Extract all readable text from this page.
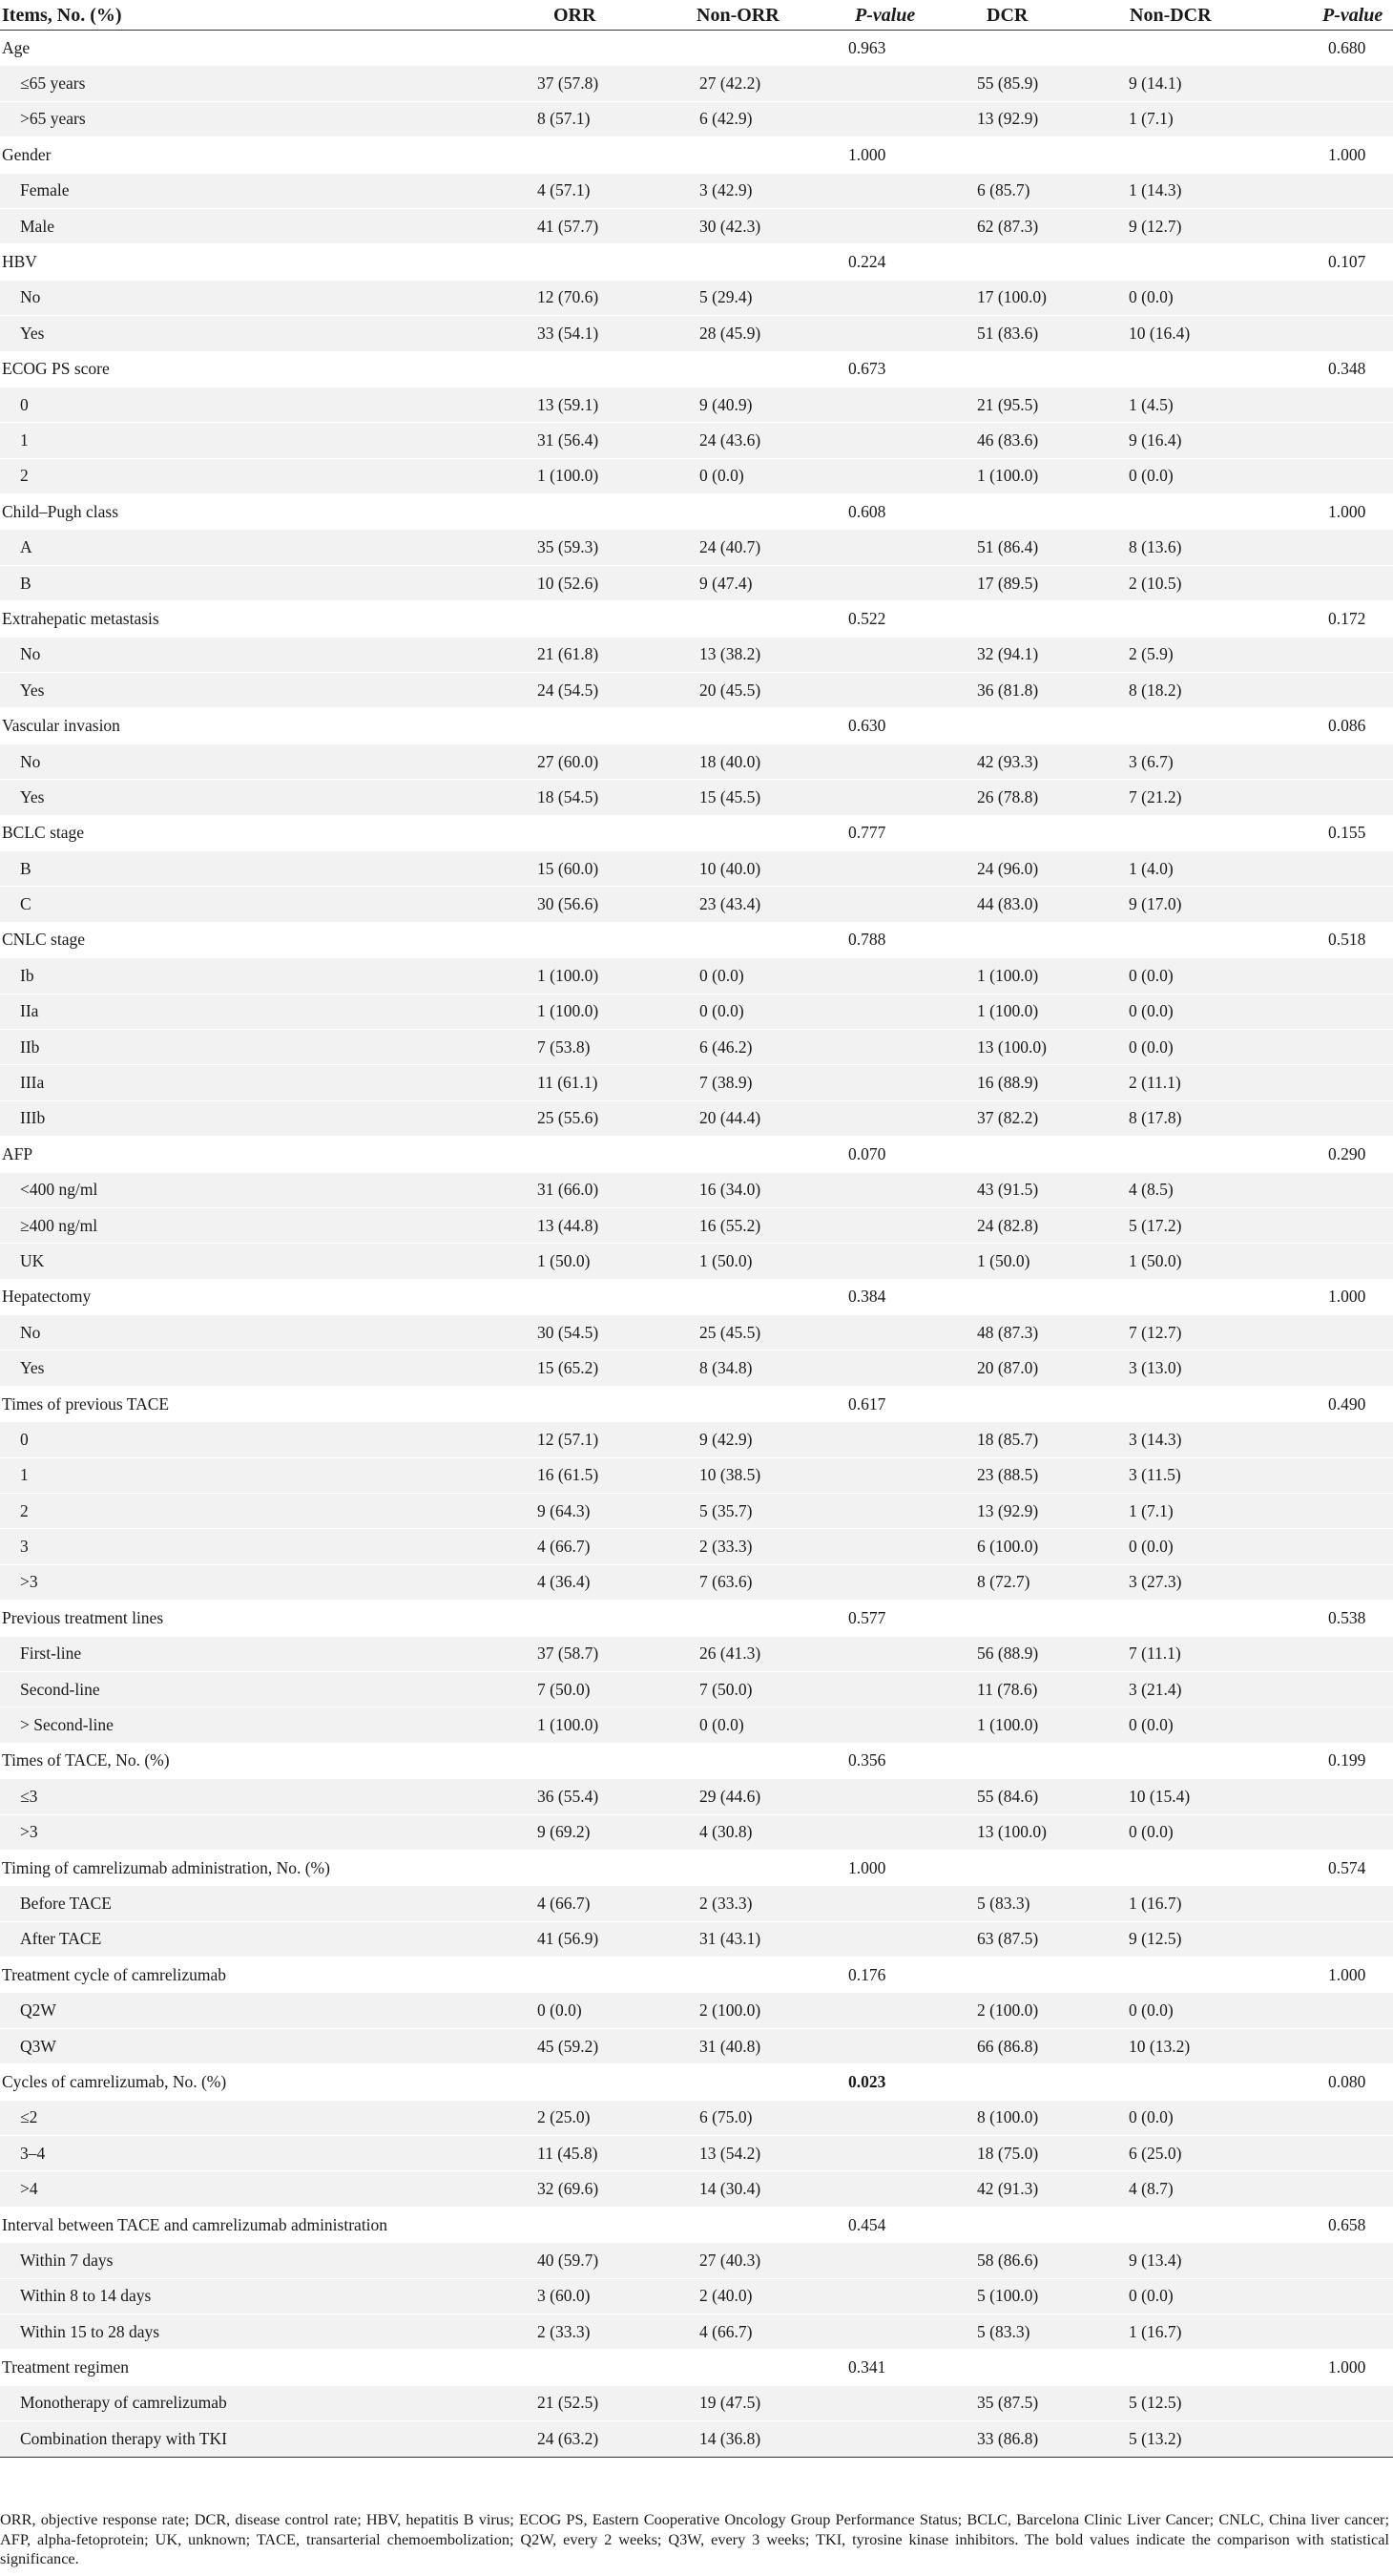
Items, No. (%)	ORR	Non-ORR	P-value	DCR	Non-DCR	P-value
Age			0.963			0.680
≤65 years	37 (57.8)	27 (42.2)		55 (85.9)	9 (14.1)	
>65 years	8 (57.1)	6 (42.9)		13 (92.9)	1 (7.1)	
Gender			1.000			1.000
Female	4 (57.1)	3 (42.9)		6 (85.7)	1 (14.3)	
Male	41 (57.7)	30 (42.3)		62 (87.3)	9 (12.7)	
HBV			0.224			0.107
No	12 (70.6)	5 (29.4)		17 (100.0)	0 (0.0)	
Yes	33 (54.1)	28 (45.9)		51 (83.6)	10 (16.4)	
ECOG PS score			0.673			0.348
0	13 (59.1)	9 (40.9)		21 (95.5)	1 (4.5)	
1	31 (56.4)	24 (43.6)		46 (83.6)	9 (16.4)	
2	1 (100.0)	0 (0.0)		1 (100.0)	0 (0.0)	
Child–Pugh class			0.608			1.000
A	35 (59.3)	24 (40.7)		51 (86.4)	8 (13.6)	
B	10 (52.6)	9 (47.4)		17 (89.5)	2 (10.5)	
Extrahepatic metastasis			0.522			0.172
No	21 (61.8)	13 (38.2)		32 (94.1)	2 (5.9)	
Yes	24 (54.5)	20 (45.5)		36 (81.8)	8 (18.2)	
Vascular invasion			0.630			0.086
No	27 (60.0)	18 (40.0)		42 (93.3)	3 (6.7)	
Yes	18 (54.5)	15 (45.5)		26 (78.8)	7 (21.2)	
BCLC stage			0.777			0.155
B	15 (60.0)	10 (40.0)		24 (96.0)	1 (4.0)	
C	30 (56.6)	23 (43.4)		44 (83.0)	9 (17.0)	
CNLC stage			0.788			0.518
Ib	1 (100.0)	0 (0.0)		1 (100.0)	0 (0.0)	
IIa	1 (100.0)	0 (0.0)		1 (100.0)	0 (0.0)	
IIb	7 (53.8)	6 (46.2)		13 (100.0)	0 (0.0)	
IIIa	11 (61.1)	7 (38.9)		16 (88.9)	2 (11.1)	
IIIb	25 (55.6)	20 (44.4)		37 (82.2)	8 (17.8)	
AFP			0.070			0.290
<400 ng/ml	31 (66.0)	16 (34.0)		43 (91.5)	4 (8.5)	
≥400 ng/ml	13 (44.8)	16 (55.2)		24 (82.8)	5 (17.2)	
UK	1 (50.0)	1 (50.0)		1 (50.0)	1 (50.0)	
Hepatectomy			0.384			1.000
No	30 (54.5)	25 (45.5)		48 (87.3)	7 (12.7)	
Yes	15 (65.2)	8 (34.8)		20 (87.0)	3 (13.0)	
Times of previous TACE			0.617			0.490
0	12 (57.1)	9 (42.9)		18 (85.7)	3 (14.3)	
1	16 (61.5)	10 (38.5)		23 (88.5)	3 (11.5)	
2	9 (64.3)	5 (35.7)		13 (92.9)	1 (7.1)	
3	4 (66.7)	2 (33.3)		6 (100.0)	0 (0.0)	
>3	4 (36.4)	7 (63.6)		8 (72.7)	3 (27.3)	
Previous treatment lines			0.577			0.538
First-line	37 (58.7)	26 (41.3)		56 (88.9)	7 (11.1)	
Second-line	7 (50.0)	7 (50.0)		11 (78.6)	3 (21.4)	
> Second-line	1 (100.0)	0 (0.0)		1 (100.0)	0 (0.0)	
Times of TACE, No. (%)			0.356			0.199
≤3	36 (55.4)	29 (44.6)		55 (84.6)	10 (15.4)	
>3	9 (69.2)	4 (30.8)		13 (100.0)	0 (0.0)	
Timing of camrelizumab administration, No. (%)			1.000			0.574
Before TACE	4 (66.7)	2 (33.3)		5 (83.3)	1 (16.7)	
After TACE	41 (56.9)	31 (43.1)		63 (87.5)	9 (12.5)	
Treatment cycle of camrelizumab			0.176			1.000
Q2W	0 (0.0)	2 (100.0)		2 (100.0)	0 (0.0)	
Q3W	45 (59.2)	31 (40.8)		66 (86.8)	10 (13.2)	
Cycles of camrelizumab, No. (%)			0.023			0.080
≤2	2 (25.0)	6 (75.0)		8 (100.0)	0 (0.0)	
3–4	11 (45.8)	13 (54.2)		18 (75.0)	6 (25.0)	
>4	32 (69.6)	14 (30.4)		42 (91.3)	4 (8.7)	
Interval between TACE and camrelizumab administration			0.454			0.658
Within 7 days	40 (59.7)	27 (40.3)		58 (86.6)	9 (13.4)	
Within 8 to 14 days	3 (60.0)	2 (40.0)		5 (100.0)	0 (0.0)	
Within 15 to 28 days	2 (33.3)	4 (66.7)		5 (83.3)	1 (16.7)	
Treatment regimen			0.341			1.000
Monotherapy of camrelizumab	21 (52.5)	19 (47.5)		35 (87.5)	5 (12.5)	
Combination therapy with TKI	24 (63.2)	14 (36.8)		33 (86.8)	5 (13.2)	
ORR, objective response rate; DCR, disease control rate; HBV, hepatitis B virus; ECOG PS, Eastern Cooperative Oncology Group Performance Status; BCLC, Barcelona Clinic Liver Cancer; CNLC, China liver cancer; AFP, alpha-fetoprotein; UK, unknown; TACE, transarterial chemoembolization; Q2W, every 2 weeks; Q3W, every 3 weeks; TKI, tyrosine kinase inhibitors. The bold values indicate the comparison with statistical significance.
